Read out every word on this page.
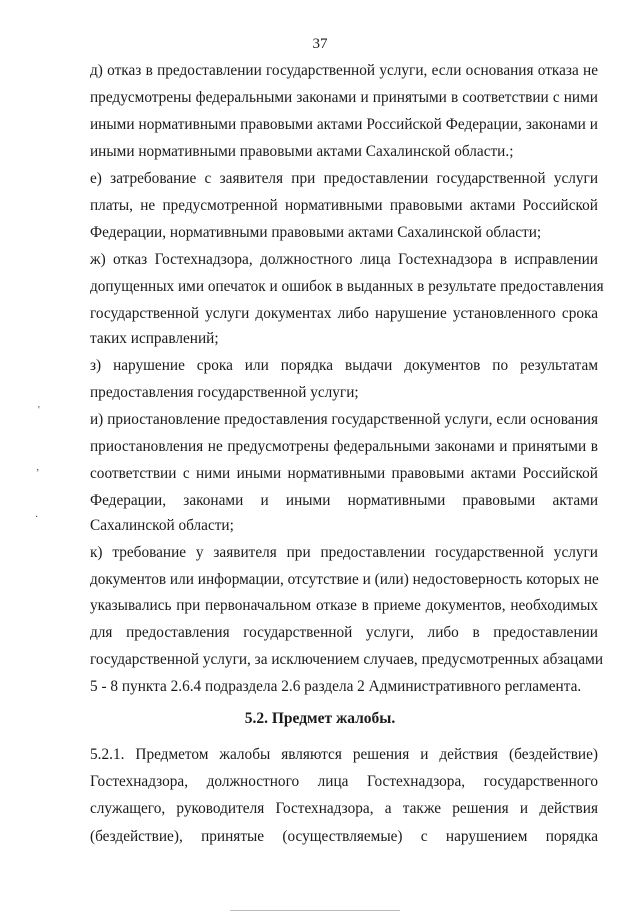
37
д) отказ в предоставлении государственной услуги, если основания отказа не
предусмотрены федеральными законами и принятыми в соответствии с ними
иными нормативными правовыми актами Российской Федерации, законами и
иными нормативными правовыми актами Сахалинской области.;
е) затребование с заявителя при предоставлении государственной услуги
платы, не предусмотренной нормативными правовыми актами Российской
Федерации, нормативными правовыми актами Сахалинской области;
ж) отказ Гостехнадзора, должностного лица Гостехнадзора в исправлении
допущенных ими опечаток и ошибок в выданных в результате предоставления
государственной услуги документах либо нарушение установленного срока
таких исправлений;
з) нарушение срока или порядка выдачи документов по результатам
предоставления государственной услуги;
и) приостановление предоставления государственной услуги, если основания
приостановления не предусмотрены федеральными законами и принятыми в
соответствии с ними иными нормативными правовыми актами Российской
Федерации, законами и иными нормативными правовыми актами
Сахалинской области;
к) требование у заявителя при предоставлении государственной услуги
документов или информации, отсутствие и (или) недостоверность которых не
указывались при первоначальном отказе в приеме документов, необходимых
для предоставления государственной услуги, либо в предоставлении
государственной услуги, за исключением случаев, предусмотренных абзацами
5 - 8 пункта 2.6.4 подраздела 2.6 раздела 2 Административного регламента.
5.2. Предмет жалобы.
5.2.1. Предметом жалобы являются решения и действия (бездействие)
Гостехнадзора, должностного лица Гостехнадзора, государственного
служащего, руководителя Гостехнадзора, а также решения и действия
(бездействие), принятые (осуществляемые) с нарушением порядка
'
ʼ
·
